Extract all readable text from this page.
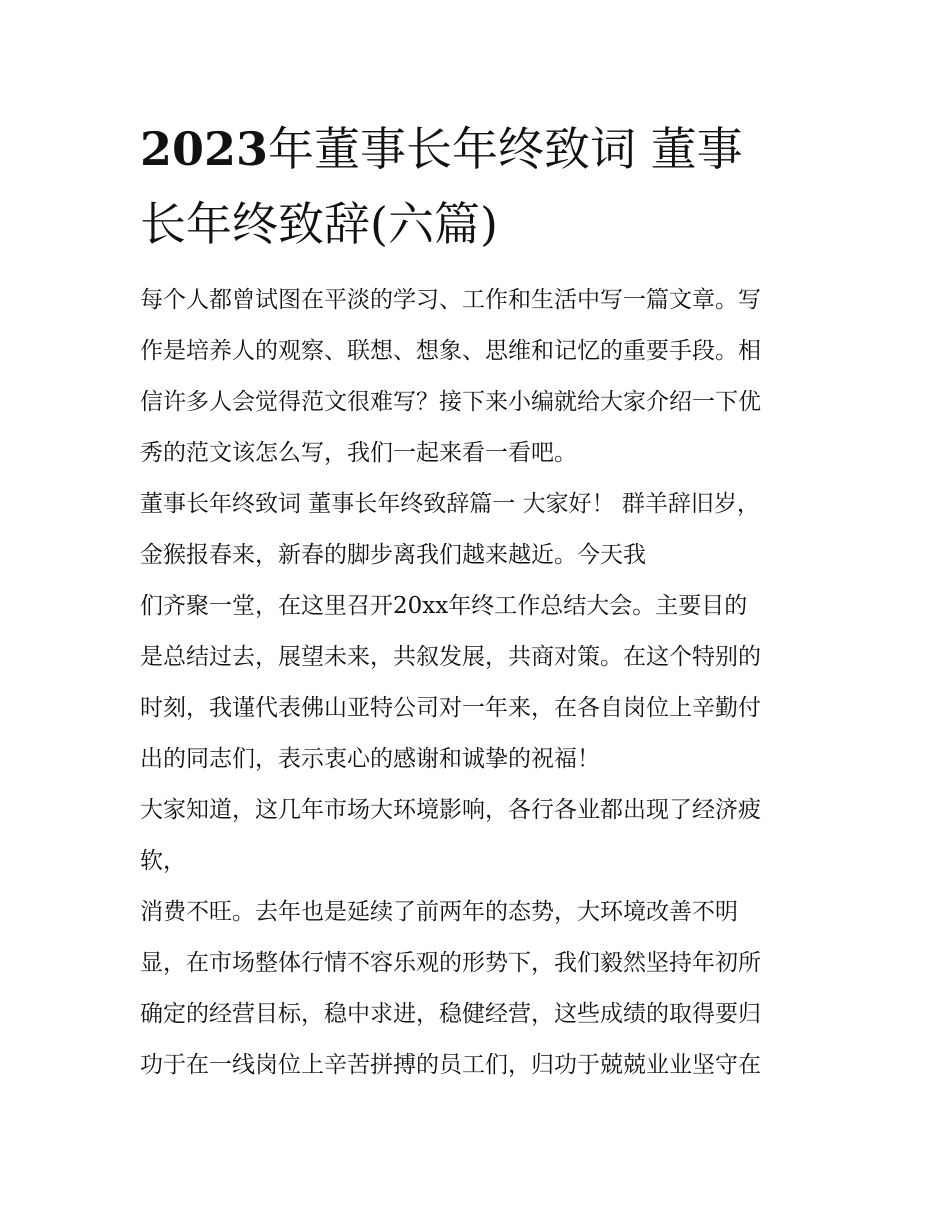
2023年董事长年终致词 董事
长年终致辞(六篇)
每个人都曾试图在平淡的学习、工作和生活中写一篇文章。写
作是培养人的观察、联想、想象、思维和记忆的重要手段。相
信许多人会觉得范文很难写？接下来小编就给大家介绍一下优
秀的范文该怎么写，我们一起来看一看吧。
董事长年终致词 董事长年终致辞篇一 大家好！ 群羊辞旧岁，
金猴报春来，新春的脚步离我们越来越近。今天我
们齐聚一堂，在这里召开20xx年终工作总结大会。主要目的
是总结过去，展望未来，共叙发展，共商对策。在这个特别的
时刻，我谨代表佛山亚特公司对一年来，在各自岗位上辛勤付
出的同志们，表示衷心的感谢和诚挚的祝福！
大家知道，这几年市场大环境影响，各行各业都出现了经济疲
软，
消费不旺。去年也是延续了前两年的态势，大环境改善不明
显，在市场整体行情不容乐观的形势下，我们毅然坚持年初所
确定的经营目标，稳中求进，稳健经营，这些成绩的取得要归
功于在一线岗位上辛苦拼搏的员工们，归功于兢兢业业坚守在
